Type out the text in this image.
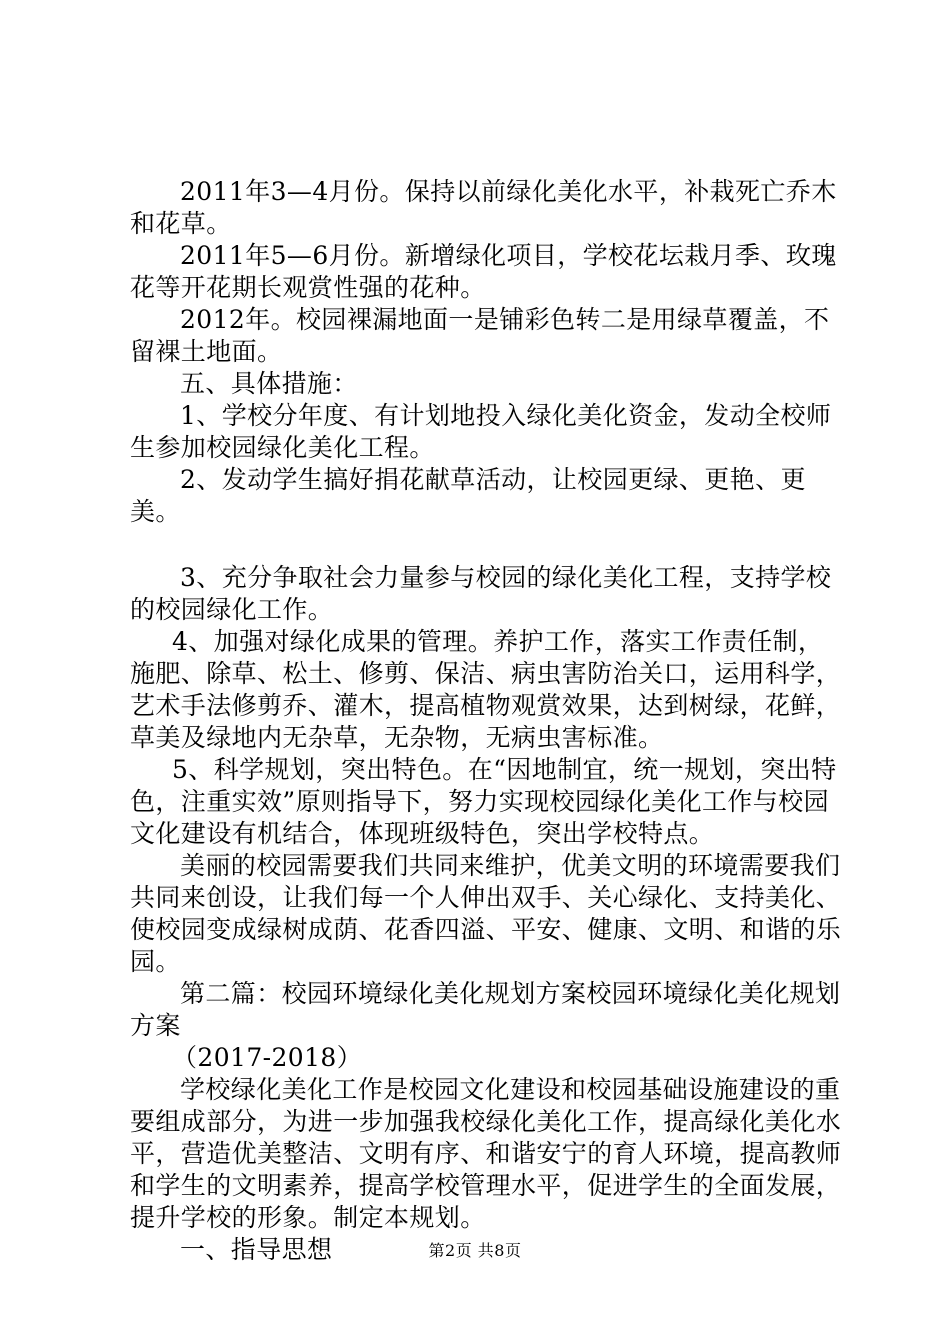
2011年3—4月份。保持以前绿化美化水平，补栽死亡乔木和花草。

2011年5—6月份。新增绿化项目，学校花坛栽月季、玫瑰花等开花期长观赏性强的花种。

2012年。校园裸漏地面一是铺彩色转二是用绿草覆盖，不留裸土地面。

五、具体措施：

1、学校分年度、有计划地投入绿化美化资金，发动全校师生参加校园绿化美化工程。

2、发动学生搞好捐花献草活动，让校园更绿、更艳、更美。

3、充分争取社会力量参与校园的绿化美化工程，支持学校的校园绿化工作。

4、加强对绿化成果的管理。养护工作，落实工作责任制，施肥、除草、松土、修剪、保洁、病虫害防治关口，运用科学，艺术手法修剪乔、灌木，提高植物观赏效果，达到树绿，花鲜，草美及绿地内无杂草，无杂物，无病虫害标准。

5、科学规划，突出特色。在“因地制宜，统一规划，突出特色，注重实效”原则指导下，努力实现校园绿化美化工作与校园文化建设有机结合，体现班级特色，突出学校特点。

美丽的校园需要我们共同来维护，优美文明的环境需要我们共同来创设，让我们每一个人伸出双手、关心绿化、支持美化、使校园变成绿树成荫、花香四溢、平安、健康、文明、和谐的乐园。

第二篇：校园环境绿化美化规划方案校园环境绿化美化规划方案

（2017-2018）

学校绿化美化工作是校园文化建设和校园基础设施建设的重要组成部分，为进一步加强我校绿化美化工作，提高绿化美化水平，营造优美整洁、文明有序、和谐安宁的育人环境，提高教师和学生的文明素养，提高学校管理水平，促进学生的全面发展，提升学校的形象。制定本规划。

一、指导思想	第2页 共8页
